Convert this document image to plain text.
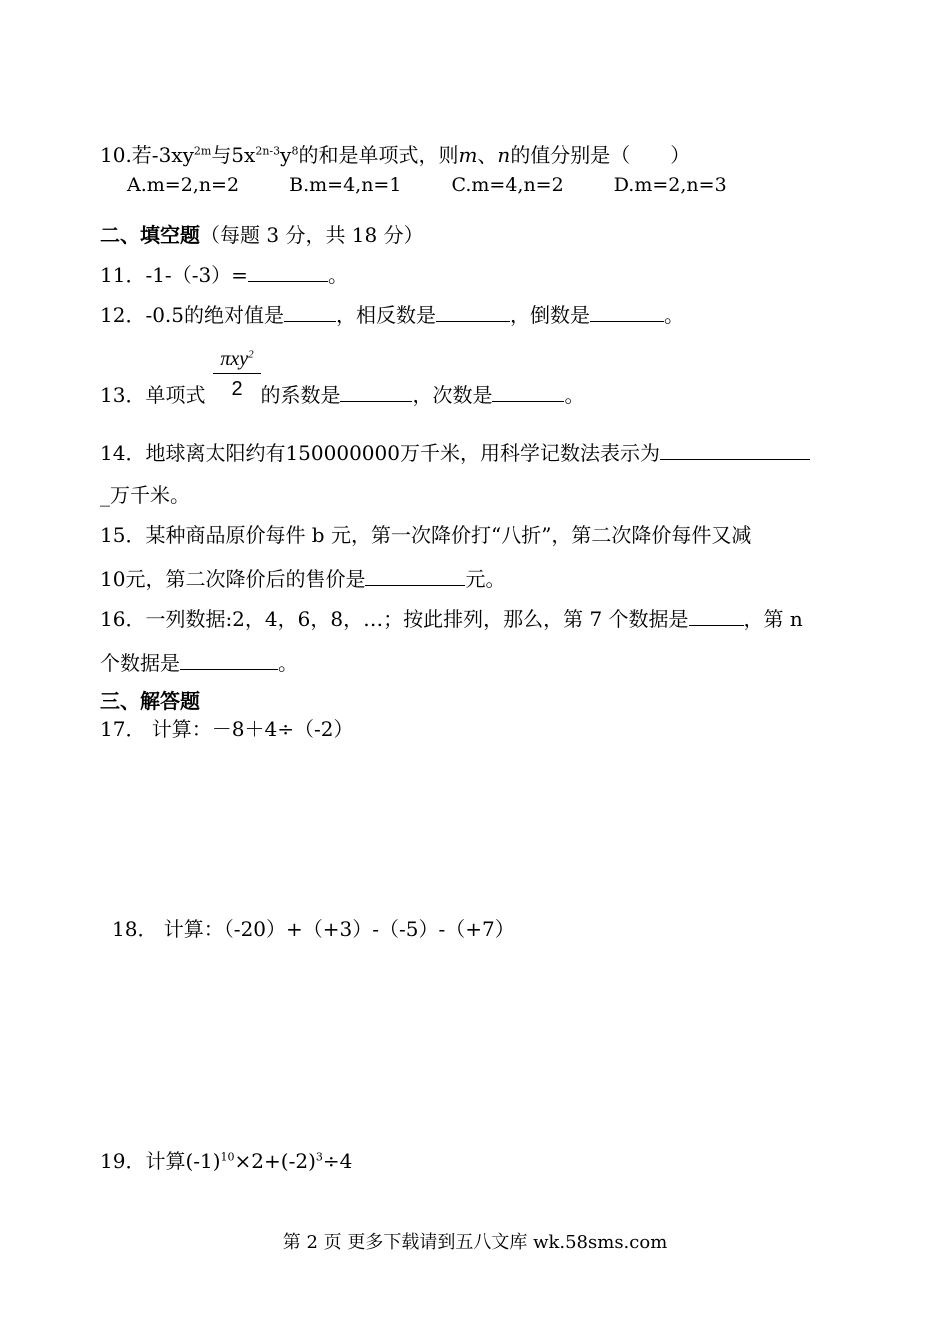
10.若$-3xy^{2m}$与$5x^{2n-3}y^8$的和是单项式，则m、n的值分别是（　　）
A.m=2,n=2	B.m=4,n=1	C.m=4,n=2	D.m=2,n=3
二、填空题（每题 3 分，共 18 分）
11．-1-（-3）=	。
12．-0.5的绝对值是	，相反数是	，倒数是	。
πxy$^2$
2
13．单项式	的系数是	，次数是	。
14．地球离太阳约有150000000万千米，用科学记数法表示为
_万千米。
15．某种商品原价每件 b 元，第一次降价打“八折”，第二次降价每件又减
10元，第二次降价后的售价是	元。
16．一列数据:2，4，6，8，…；按此排列，那么，第 7 个数据是	，第 n
个数据是	。
三、解答题
17． 计算：－8＋4÷（-2）
18． 计算：（-20）+（+3）-（-5）-（+7）
19．计算$(-1)^{10}\times 2+(-2)^3\div 4$
第 2 页 更多下载请到五八文库 wk.58sms.com
